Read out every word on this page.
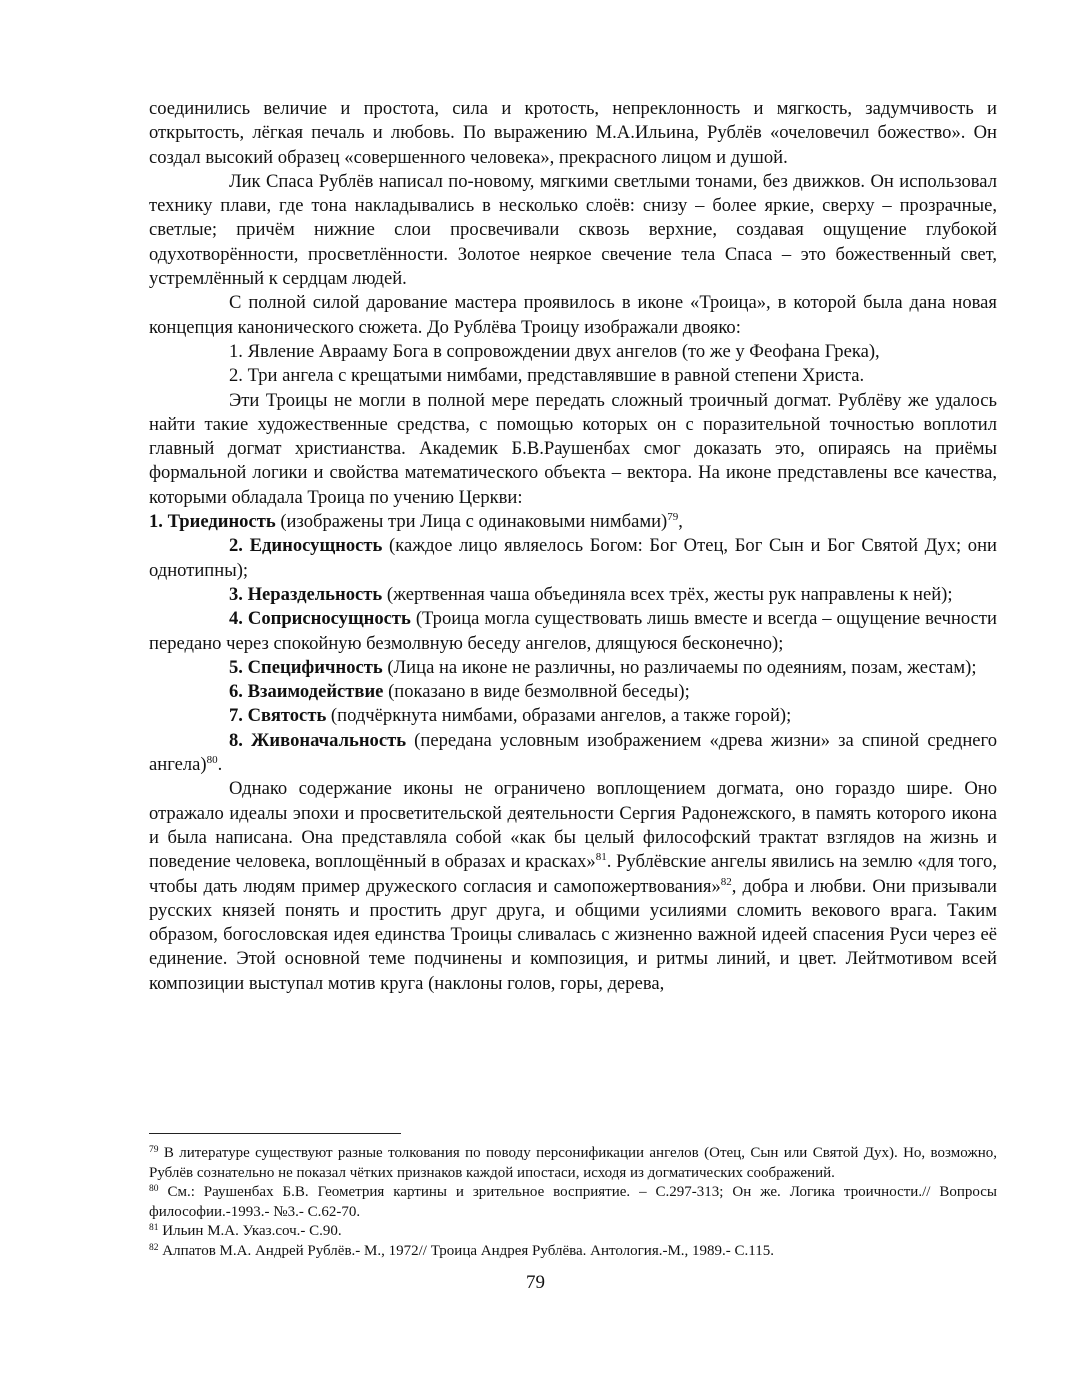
соединились величие и простота, сила и кротость, непреклонность и мягкость, задумчивость и открытость, лёгкая печаль и любовь. По выражению М.А.Ильина, Рублёв «очеловечил божество». Он создал высокий образец «совершенного человека», прекрасного лицом и душой.

Лик Спаса Рублёв написал по-новому, мягкими светлыми тонами, без движков. Он использовал технику плави, где тона накладывались в несколько слоёв: снизу – более яркие, сверху – прозрачные, светлые; причём нижние слои просвечивали сквозь верхние, создавая ощущение глубокой одухотворённости, просветлённости. Золотое неяркое свечение тела Спаса – это божественный свет, устремлённый к сердцам людей.

С полной силой дарование мастера проявилось в иконе «Троица», в которой была дана новая концепция канонического сюжета. До Рублёва Троицу изображали двояко:

1. Явление Аврааму Бога в сопровождении двух ангелов (то же у Феофана Грека),

2. Три ангела с крещатыми нимбами, представлявшие в равной степени Христа.

Эти Троицы не могли в полной мере передать сложный троичный догмат. Рублёву же удалось найти такие художественные средства, с помощью которых он с поразительной точностью воплотил главный догмат христианства. Академик Б.В.Раушенбах смог доказать это, опираясь на приёмы формальной логики и свойства математического объекта – вектора. На иконе представлены все качества, которыми обладала Троица по учению Церкви:

1. Триединость (изображены три Лица с одинаковыми нимбами)$^{79}$,

2. Единосущность (каждое лицо являелось Богом: Бог Отец, Бог Сын и Бог Святой Дух; они однотипны);

3. Нераздельность (жертвенная чаша объединяла всех трёх, жесты рук направлены к ней);

4. Соприсносущность (Троица могла существовать лишь вместе и всегда – ощущение вечности передано через спокойную безмолвную беседу ангелов, длящуюся бесконечно);

5. Специфичность (Лица на иконе не различны, но различаемы по одеяниям, позам, жестам);

6. Взаимодействие (показано в виде безмолвной беседы);

7. Святость (подчёркнута нимбами, образами ангелов, а также горой);

8. Живоначальность (передана условным изображением «древа жизни» за спиной среднего ангела)$^{80}$.

Однако содержание иконы не ограничено воплощением догмата, оно гораздо шире. Оно отражало идеалы эпохи и просветительской деятельности Сергия Радонежского, в память которого икона и была написана. Она представляла собой «как бы целый философский трактат взглядов на жизнь и поведение человека, воплощённый в образах и красках»$^{81}$. Рублёвские ангелы явились на землю «для того, чтобы дать людям пример дружеского согласия и самопожертвования»$^{82}$, добра и любви. Они призывали русских князей понять и простить друг друга, и общими усилиями сломить векового врага. Таким образом, богословская идея единства Троицы сливалась с жизненно важной идеей спасения Руси через её единение. Этой основной теме подчинены и композиция, и ритмы линий, и цвет. Лейтмотивом всей композиции выступал мотив круга (наклоны голов, горы, дерева,

$^{79}$ В литературе существуют разные толкования по поводу персонификации ангелов (Отец, Сын или Святой Дух). Но, возможно, Рублёв сознательно не показал чётких признаков каждой ипостаси, исходя из догматических соображений.

$^{80}$ См.: Раушенбах Б.В. Геометрия картины и зрительное восприятие. – С.297-313; Он же. Логика троичности.// Вопросы философии.-1993.- №3.- С.62-70.

$^{81}$ Ильин М.А. Указ.соч.- С.90.

$^{82}$ Алпатов М.А. Андрей Рублёв.- М., 1972// Троица Андрея Рублёва. Антология.-М., 1989.- С.115.

79
